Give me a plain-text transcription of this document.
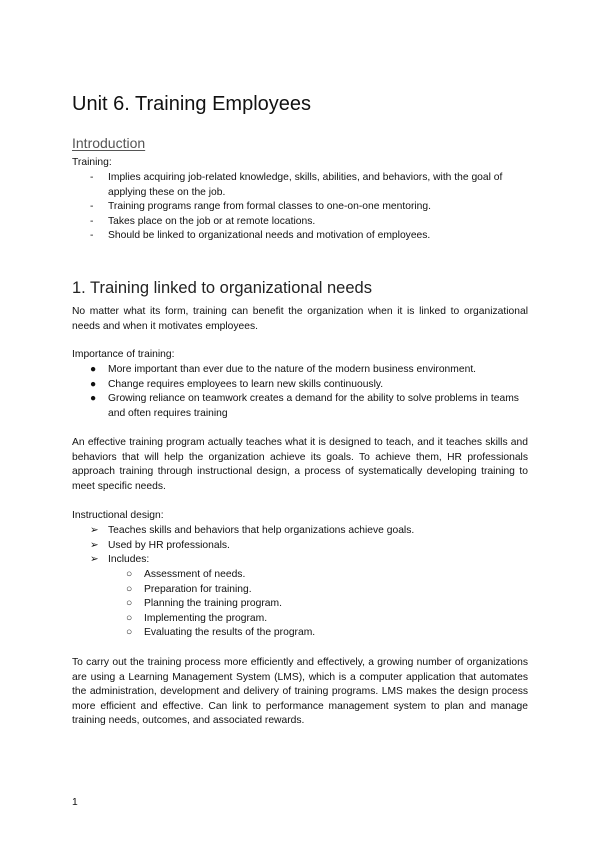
Unit 6. Training Employees
Introduction

Training:

-	Implies acquiring job-related knowledge, skills, abilities, and behaviors, with the goal of applying these on the job.
-	Training programs range from formal classes to one-on-one mentoring.
-	Takes place on the job or at remote locations.
-	Should be linked to organizational needs and motivation of employees.
1. Training linked to organizational needs

No matter what its form, training can benefit the organization when it is linked to organizational needs and when it motivates employees.

Importance of training:

●	More important than ever due to the nature of the modern business environment.
●	Change requires employees to learn new skills continuously.
●	Growing reliance on teamwork creates a demand for the ability to solve problems in teams and often requires training

An effective training program actually teaches what it is designed to teach, and it teaches skills and behaviors that will help the organization achieve its goals. To achieve them, HR professionals approach training through instructional design, a process of systematically developing training to meet specific needs.

Instructional design:

➢ Teaches skills and behaviors that help organizations achieve goals.
➢ Used by HR professionals.
➢ Includes:
○	Assessment of needs.
○	Preparation for training.
○	Planning the training program.
○	Implementing the program.
○	Evaluating the results of the program.

To carry out the training process more efficiently and effectively, a growing number of organizations are using a Learning Management System (LMS), which is a computer application that automates the administration, development and delivery of training programs. LMS makes the design process more efficient and effective. Can link to performance management system to plan and manage training needs, outcomes, and associated rewards.

1
